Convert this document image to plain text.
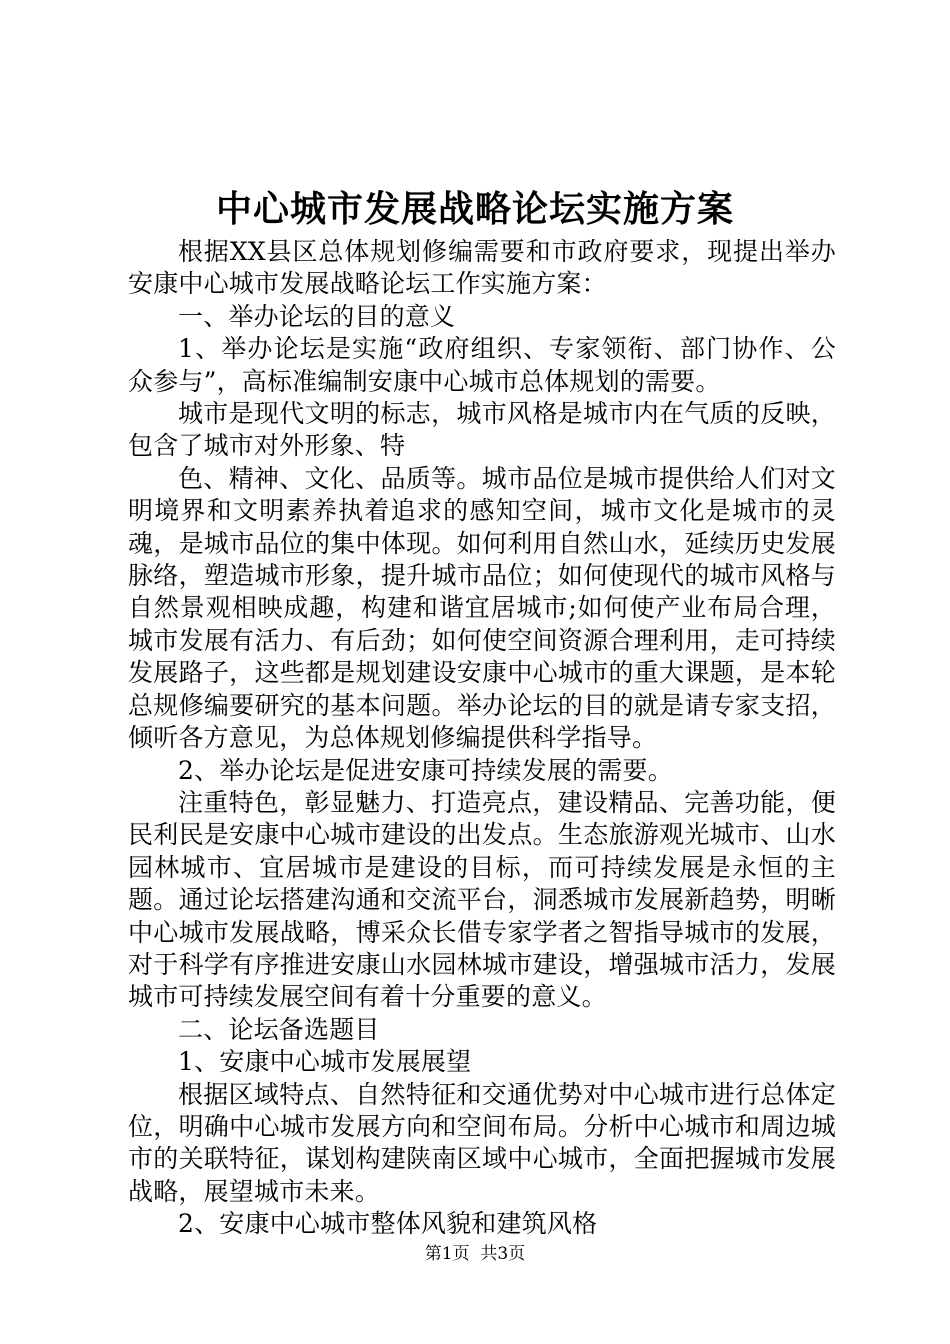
中心城市发展战略论坛实施方案

根据XX县区总体规划修编需要和市政府要求，现提出举办安康中心城市发展战略论坛工作实施方案：

一、举办论坛的目的意义

1、举办论坛是实施“政府组织、专家领衔、部门协作、公众参与”，高标准编制安康中心城市总体规划的需要。

城市是现代文明的标志，城市风格是城市内在气质的反映，包含了城市对外形象、特

色、精神、文化、品质等。城市品位是城市提供给人们对文明境界和文明素养执着追求的感知空间，城市文化是城市的灵魂，是城市品位的集中体现。如何利用自然山水，延续历史发展脉络，塑造城市形象，提升城市品位；如何使现代的城市风格与自然景观相映成趣，构建和谐宜居城市;如何使产业布局合理，城市发展有活力、有后劲；如何使空间资源合理利用，走可持续发展路子，这些都是规划建设安康中心城市的重大课题，是本轮总规修编要研究的基本问题。举办论坛的目的就是请专家支招，倾听各方意见，为总体规划修编提供科学指导。

2、举办论坛是促进安康可持续发展的需要。

注重特色，彰显魅力、打造亮点，建设精品、完善功能，便民利民是安康中心城市建设的出发点。生态旅游观光城市、山水园林城市、宜居城市是建设的目标，而可持续发展是永恒的主题。通过论坛搭建沟通和交流平台，洞悉城市发展新趋势，明晰中心城市发展战略，博采众长借专家学者之智指导城市的发展，对于科学有序推进安康山水园林城市建设，增强城市活力，发展城市可持续发展空间有着十分重要的意义。

二、论坛备选题目

1、安康中心城市发展展望

根据区域特点、自然特征和交通优势对中心城市进行总体定位，明确中心城市发展方向和空间布局。分析中心城市和周边城市的关联特征，谋划构建陕南区域中心城市，全面把握城市发展战略，展望城市未来。

2、安康中心城市整体风貌和建筑风格

第1页  共3页
